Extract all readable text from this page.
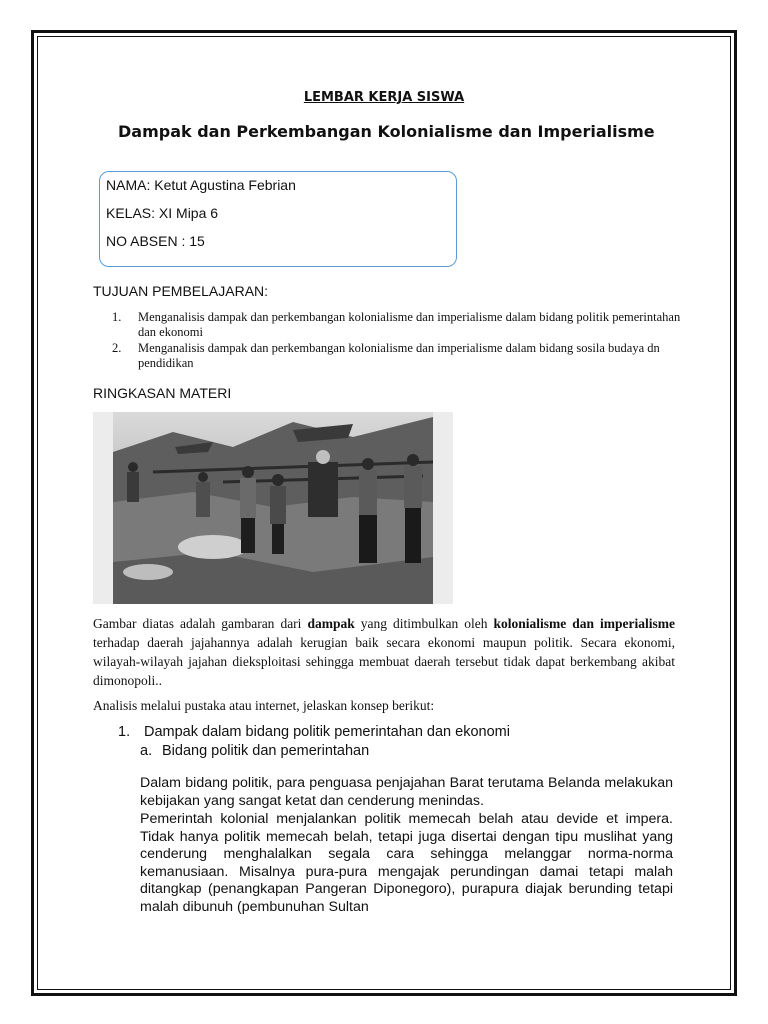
LEMBAR KERJA SISWA
Dampak dan Perkembangan Kolonialisme dan Imperialisme
NAMA: Ketut Agustina Febrian
KELAS: XI Mipa 6
NO ABSEN : 15
TUJUAN PEMBELAJARAN:
1. Menganalisis dampak dan perkembangan kolonialisme dan imperialisme dalam bidang politik pemerintahan dan ekonomi
2. Menganalisis dampak dan perkembangan kolonialisme dan imperialisme dalam bidang sosila budaya dn pendidikan
RINGKASAN MATERI
Gambar diatas adalah gambaran dari dampak yang ditimbulkan oleh kolonialisme dan imperialisme terhadap daerah jajahannya adalah kerugian baik secara ekonomi maupun politik. Secara ekonomi, wilayah-wilayah jajahan dieksploitasi sehingga membuat daerah tersebut tidak dapat berkembang akibat dimonopoli..
Analisis melalui pustaka atau internet, jelaskan konsep berikut:
1. Dampak dalam bidang politik pemerintahan dan ekonomi
a. Bidang politik dan pemerintahan
Dalam bidang politik, para penguasa penjajahan Barat terutama Belanda melakukan kebijakan yang sangat ketat dan cenderung menindas.
Pemerintah kolonial menjalankan politik memecah belah atau devide et impera. Tidak hanya politik memecah belah, tetapi juga disertai dengan tipu muslihat yang cenderung menghalalkan segala cara sehingga melanggar norma-norma kemanusiaan. Misalnya pura-pura mengajak perundingan damai tetapi malah ditangkap (penangkapan Pangeran Diponegoro), purapura diajak berunding tetapi malah dibunuh (pembunuhan Sultan
